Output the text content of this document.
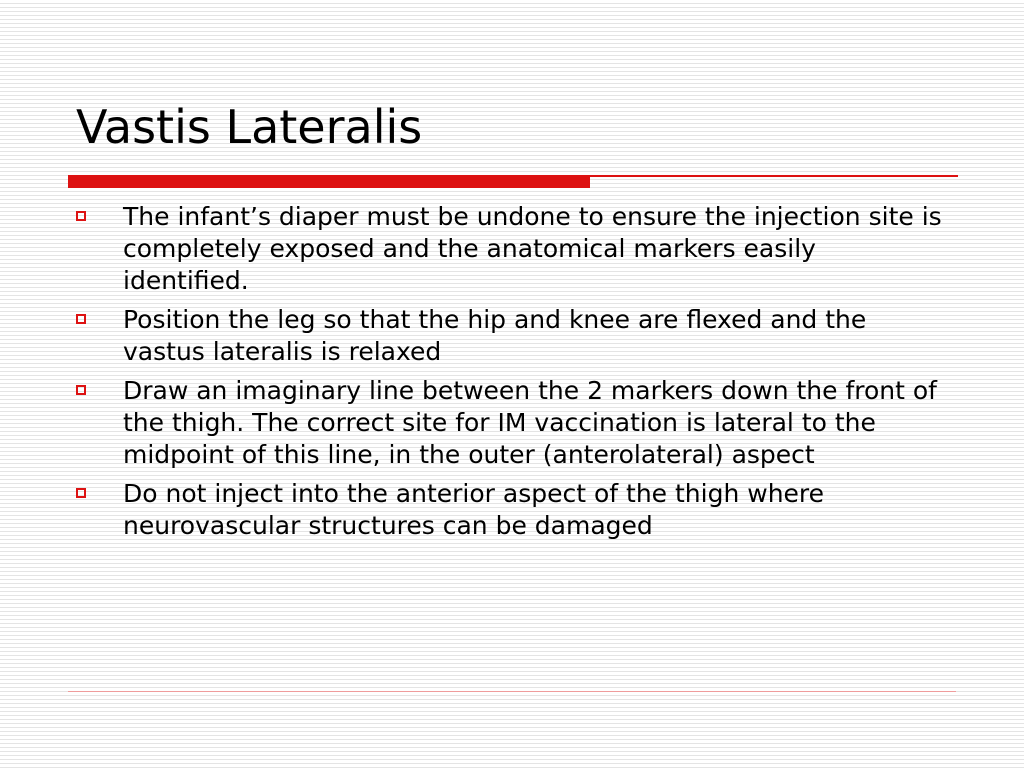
Vastis Lateralis
The infant’s diaper must be undone to ensure the injection site is completely exposed and the anatomical markers easily identified.
Position the leg so that the hip and knee are flexed and the vastus lateralis is relaxed
Draw an imaginary line between the 2 markers down the front of the thigh. The correct site for IM vaccination is lateral to the midpoint of this line, in the outer (anterolateral) aspect
Do not inject into the anterior aspect of the thigh where neurovascular structures can be damaged
